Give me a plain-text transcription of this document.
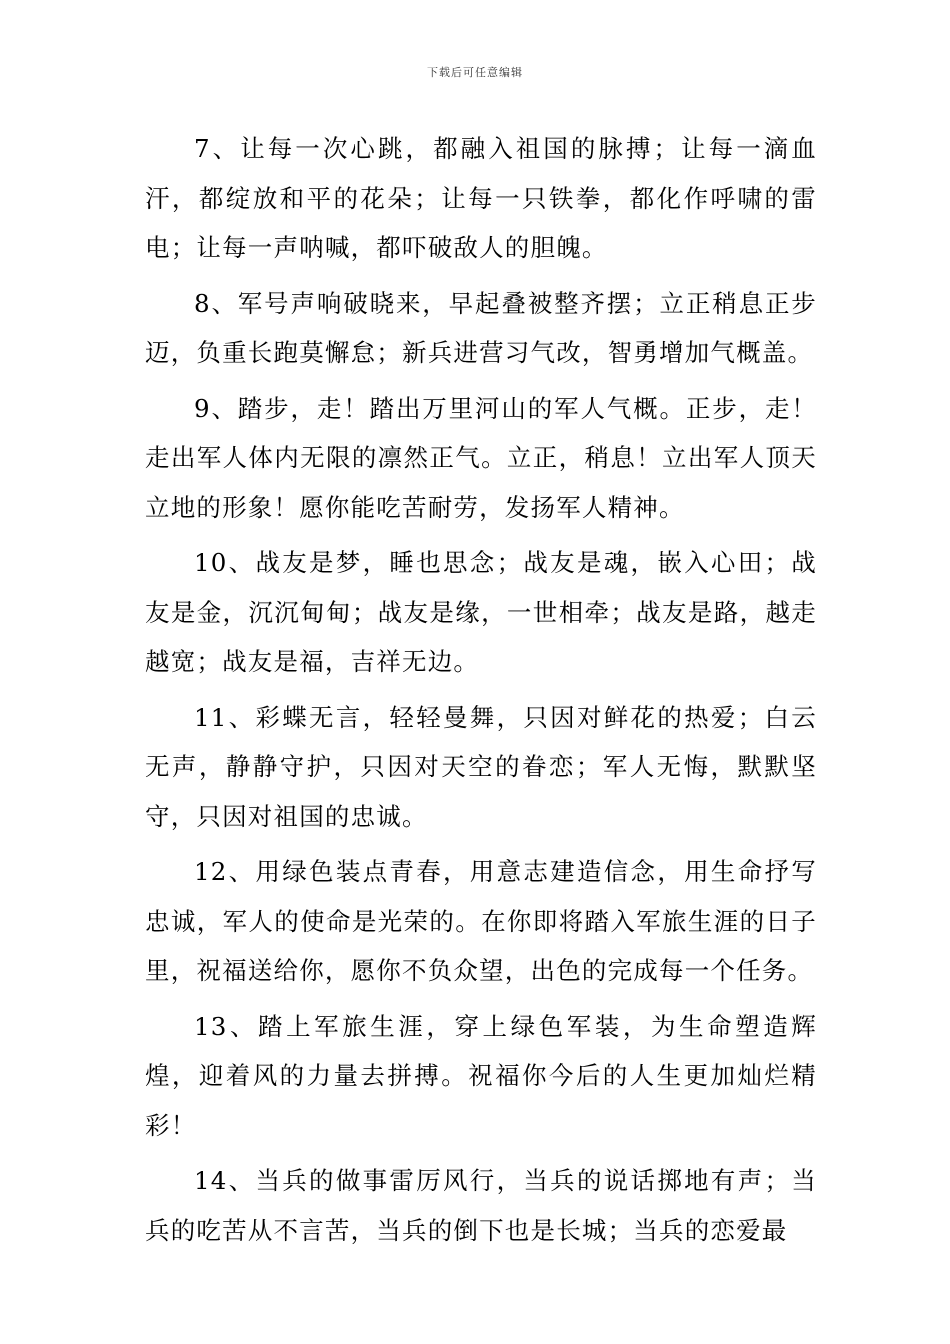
下载后可任意编辑

7、让每一次心跳，都融入祖国的脉搏；让每一滴血汗，都绽放和平的花朵；让每一只铁拳，都化作呼啸的雷电；让每一声呐喊，都吓破敌人的胆魄。

8、军号声响破晓来，早起叠被整齐摆；立正稍息正步迈，负重长跑莫懈怠；新兵进营习气改，智勇增加气概盖。

9、踏步，走！踏出万里河山的军人气概。正步，走！走出军人体内无限的凛然正气。立正，稍息！立出军人顶天立地的形象！愿你能吃苦耐劳，发扬军人精神。

10、战友是梦，睡也思念；战友是魂，嵌入心田；战友是金，沉沉甸甸；战友是缘，一世相牵；战友是路，越走越宽；战友是福，吉祥无边。

11、彩蝶无言，轻轻曼舞，只因对鲜花的热爱；白云无声，静静守护，只因对天空的眷恋；军人无悔，默默坚守，只因对祖国的忠诚。

12、用绿色装点青春，用意志建造信念，用生命抒写忠诚，军人的使命是光荣的。在你即将踏入军旅生涯的日子里，祝福送给你，愿你不负众望，出色的完成每一个任务。

13、踏上军旅生涯，穿上绿色军装，为生命塑造辉煌，迎着风的力量去拼搏。祝福你今后的人生更加灿烂精彩！

14、当兵的做事雷厉风行，当兵的说话掷地有声；当兵的吃苦从不言苦，当兵的倒下也是长城；当兵的恋爱最
